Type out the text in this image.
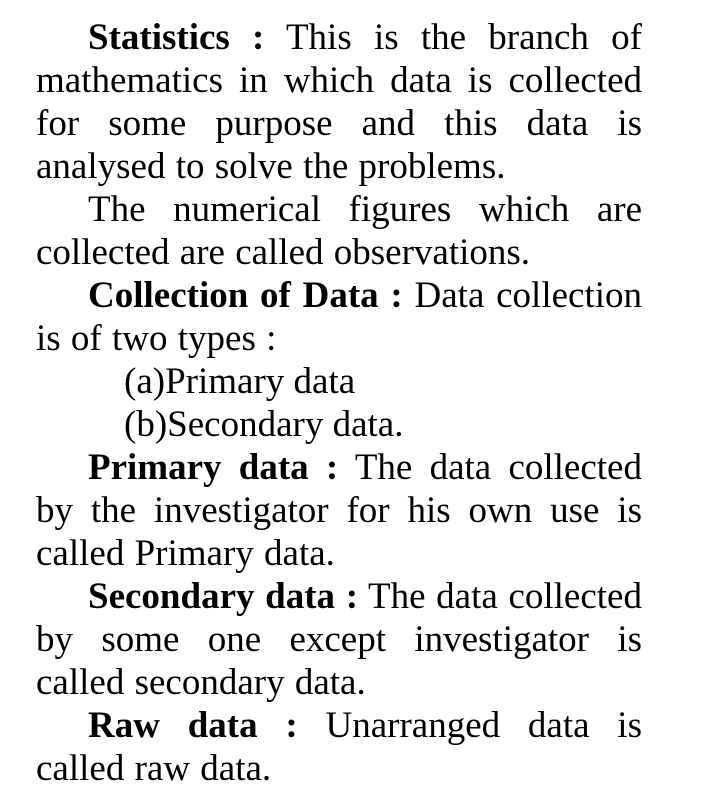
Statistics : This is the branch of mathematics in which data is collected for some purpose and this data is analysed to solve the problems.

The numerical figures which are collected are called observations.

Collection of Data : Data collection is of two types :

(a)Primary data

(b)Secondary data.

Primary data : The data collected by the investigator for his own use is called Primary data.

Secondary data : The data collected by some one except investigator is called secondary data.

Raw data : Unarranged data is called raw data.
